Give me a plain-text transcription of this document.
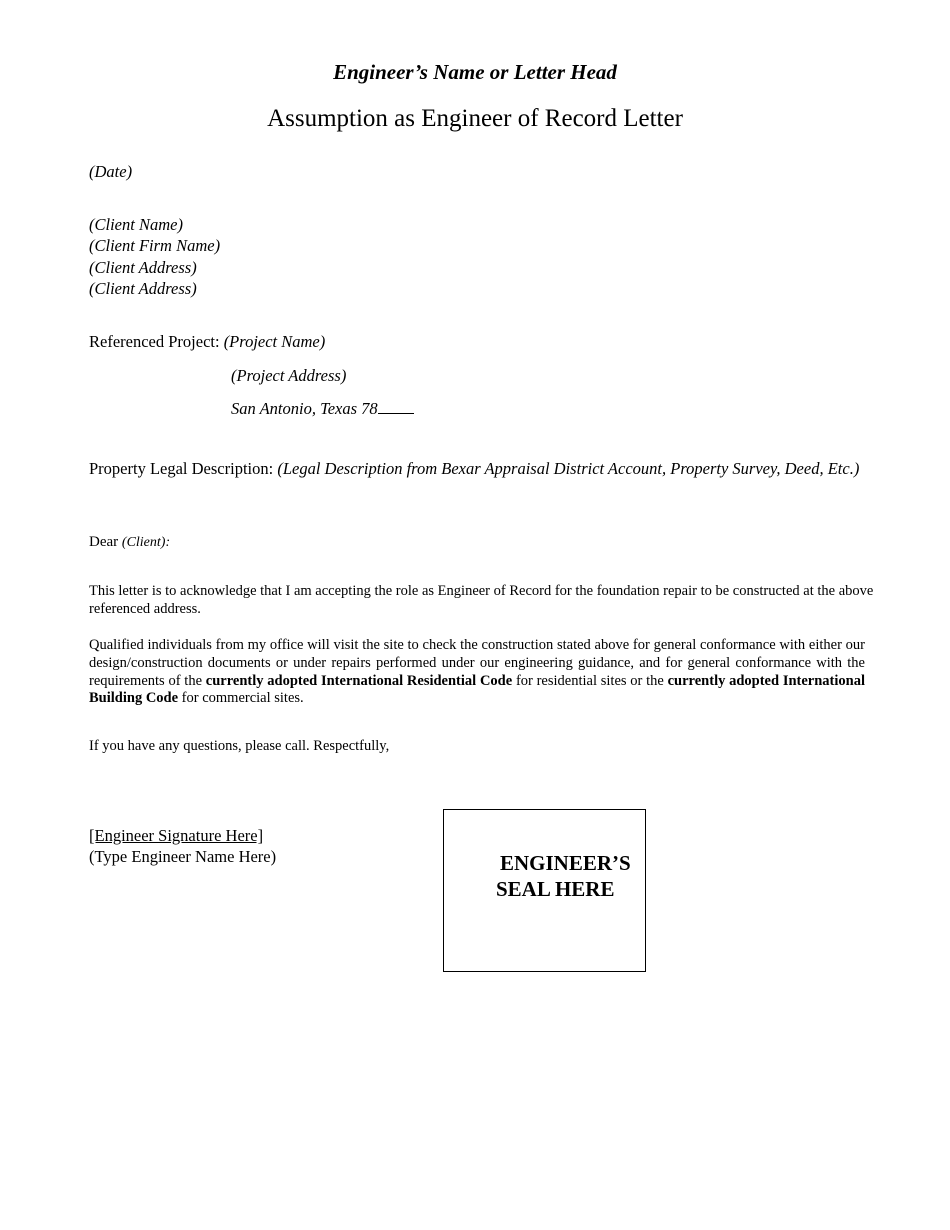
Engineer’s Name or Letter Head
Assumption as Engineer of Record Letter
(Date)
(Client Name)
(Client Firm Name)
(Client Address)
(Client Address)
Referenced Project: (Project Name)
(Project Address)
San Antonio, Texas 78
Property Legal Description: (Legal Description from Bexar Appraisal District Account, Property Survey, Deed, Etc.)
Dear (Client):
This letter is to acknowledge that I am accepting the role as Engineer of Record for the foundation repair to be constructed at the above referenced address.
Qualified individuals from my office will visit the site to check the construction stated above for general conformance with either our design/construction documents or under repairs performed under our engineering guidance, and for general conformance with the requirements of the currently adopted International Residential Code for residential sites or the currently adopted International Building Code for commercial sites.
If you have any questions, please call. Respectfully,
[Engineer Signature Here]
(Type Engineer Name Here)	ENGINEER’S
SEAL HERE
